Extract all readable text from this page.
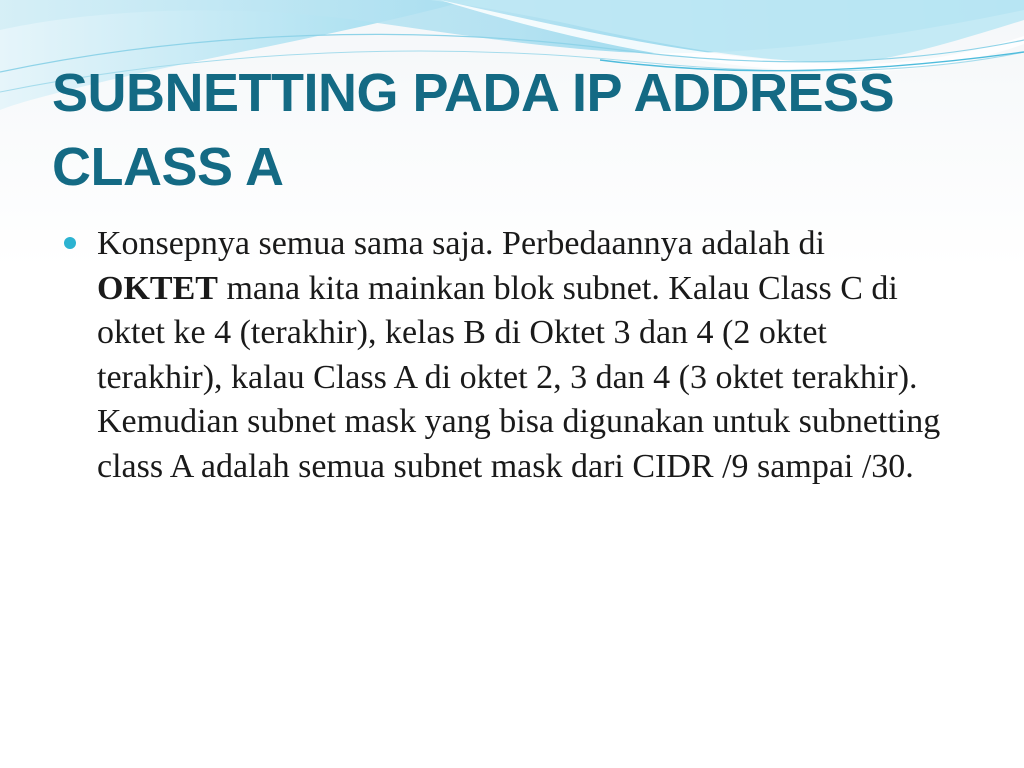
SUBNETTING PADA IP ADDRESS CLASS A

Konsepnya semua sama saja. Perbedaannya adalah di OKTET mana kita mainkan blok subnet. Kalau Class C di oktet ke 4 (terakhir), kelas B di Oktet 3 dan 4 (2 oktet terakhir), kalau Class A di oktet 2, 3 dan 4 (3 oktet terakhir). Kemudian subnet mask yang bisa digunakan untuk subnetting class A adalah semua subnet mask dari CIDR /9 sampai /30.
